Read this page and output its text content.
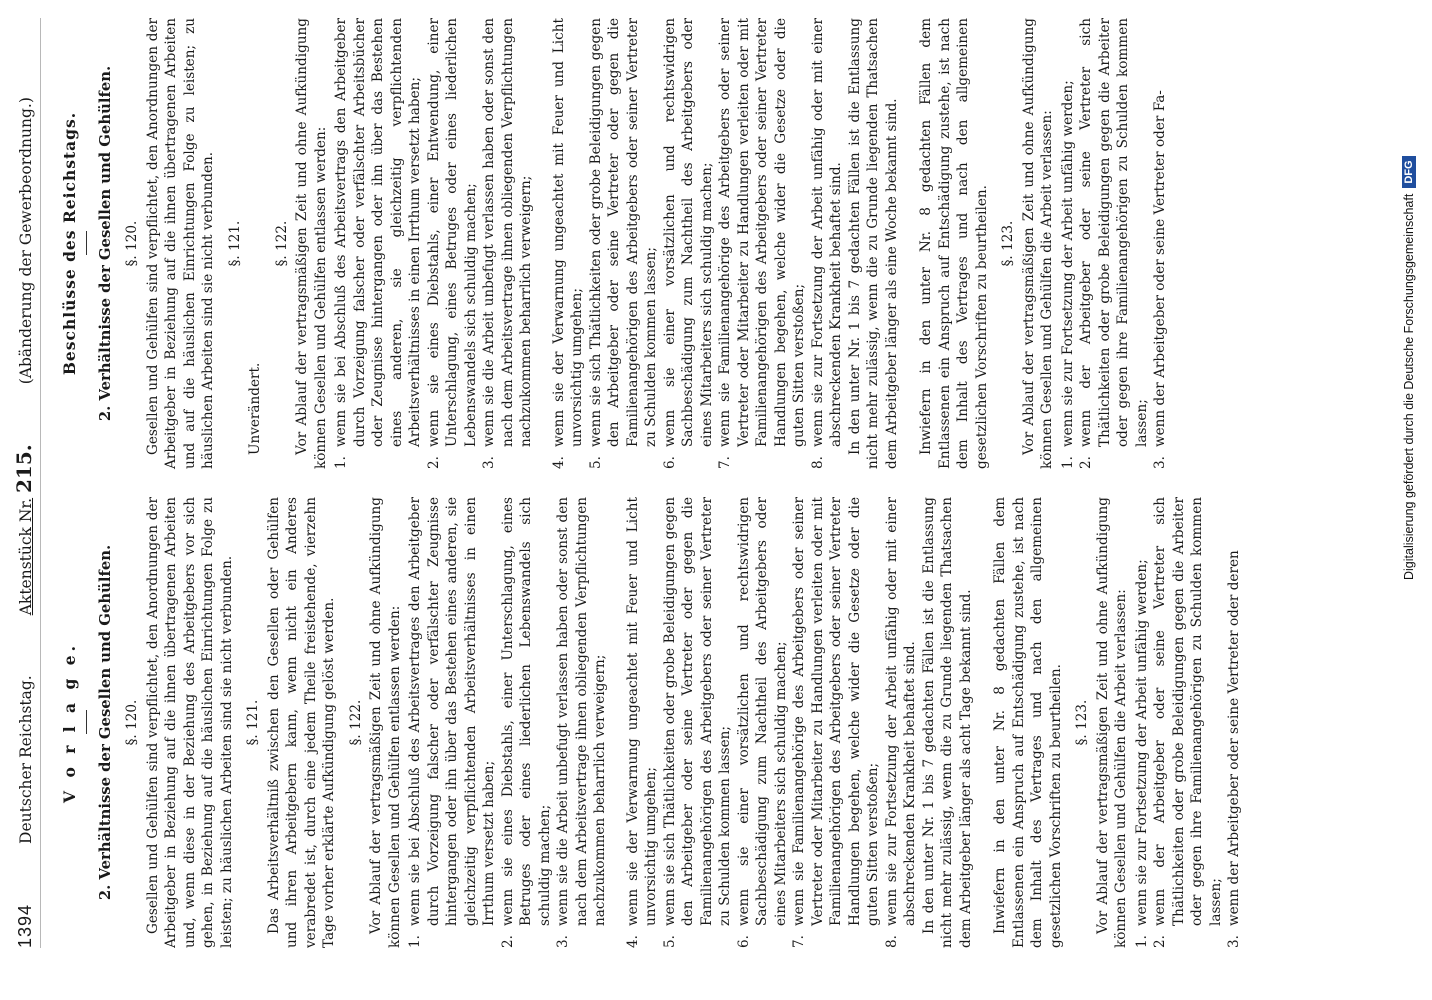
1394
Deutscher Reichstag.
Aktenstück Nr. 215.
(Abänderung der Gewerbeordnung.)
V o r l a g e. 2. Verhältnisse der Gesellen und Gehülfen. §. 120. Gesellen und Gehülfen sind verpflichtet, den Anordnungen der Arbeitgeber in Beziehung auf die ihnen übertragenen Arbeiten und, wenn diese in der Beziehung des Arbeitgebers vor sich gehen, in Beziehung auf die häuslichen Einrichtungen Folge zu leisten; zu häuslichen Arbeiten sind sie nicht verbunden. §. 121. Das Arbeitsverhältniß zwischen den Gesellen oder Gehülfen und ihren Arbeitgebern kann, wenn nicht ein Anderes verabredet ist, durch eine jedem Theile freistehende, vierzehn Tage vorher erklärte Aufkündigung gelöst werden. §. 122. Vor Ablauf der vertragsmäßigen Zeit und ohne Aufkündigung können Gesellen und Gehülfen entlassen werden: 1.
wenn sie bei Abschluß des Arbeitsvertrages den Arbeitgeber durch Vorzeigung falscher oder verfälschter Zeugnisse hintergangen oder ihn über das Bestehen eines anderen, sie gleichzeitig verpflichtenden Arbeitsverhältnisses in einen Irrthum versetzt haben;
2.
wenn sie eines Diebstahls, einer Unterschlagung, eines Betruges oder eines liederlichen Lebenswandels sich schuldig machen;
3.
wenn sie die Arbeit unbefugt verlassen haben oder sonst den nach dem Arbeitsvertrage ihnen obliegenden Verpflichtungen nachzukommen beharrlich verweigern;
4.
wenn sie der Verwarnung ungeachtet mit Feuer und Licht unvorsichtig umgehen;
5.
wenn sie sich Thätlichkeiten oder grobe Beleidigungen gegen den Arbeitgeber oder seine Vertreter oder gegen die Familienangehörigen des Arbeitgebers oder seiner Vertreter zu Schulden kommen lassen;
6.
wenn sie einer vorsätzlichen und rechtswidrigen Sachbeschädigung zum Nachtheil des Arbeitgebers oder eines Mitarbeiters sich schuldig machen;
7.
wenn sie Familienangehörige des Arbeitgebers oder seiner Vertreter oder Mitarbeiter zu Handlungen verleiten oder mit Familienangehörigen des Arbeitgebers oder seiner Vertreter Handlungen begehen, welche wider die Gesetze oder die guten Sitten verstoßen;
8.
wenn sie zur Fortsetzung der Arbeit unfähig oder mit einer abschreckenden Krankheit behaftet sind. In den unter Nr. 1 bis 7 gedachten Fällen ist die Entlassung nicht mehr zulässig, wenn die zu Grunde liegenden Thatsachen dem Arbeitgeber länger als acht Tage bekannt sind. Inwiefern in den unter Nr. 8 gedachten Fällen dem Entlassenen ein Anspruch auf Entschädigung zustehe, ist nach dem Inhalt des Vertrages und nach den allgemeinen gesetzlichen Vorschriften zu beurtheilen. §. 123. Vor Ablauf der vertragsmäßigen Zeit und ohne Aufkündigung können Gesellen und Gehülfen die Arbeit verlassen: 1.
wenn sie zur Fortsetzung der Arbeit unfähig werden;
2.
wenn der Arbeitgeber oder seine Vertreter sich Thätlichkeiten oder grobe Beleidigungen gegen die Arbeiter oder gegen ihre Familienangehörigen zu Schulden kommen lassen;
3.
wenn der Arbeitgeber oder seine Vertreter oder deren
Beschlüsse des Reichstags. 2. Verhältnisse der Gesellen und Gehülfen. §. 120. Gesellen und Gehülfen sind verpflichtet, den Anordnungen der Arbeitgeber in Beziehung auf die ihnen übertragenen Arbeiten und auf die häuslichen Einrichtungen Folge zu leisten; zu häuslichen Arbeiten sind sie nicht verbunden. §. 121.

Unverändert.

§. 122. Vor Ablauf der vertragsmäßigen Zeit und ohne Aufkündigung können Gesellen und Gehülfen entlassen werden: 1.
wenn sie bei Abschluß des Arbeitsvertrags den Arbeitgeber durch Vorzeigung falscher oder verfälschter Arbeitsbücher oder Zeugnisse hintergangen oder ihn über das Bestehen eines anderen, sie gleichzeitig verpflichtenden Arbeitsverhältnisses in einen Irrthum versetzt haben;
2.
wenn sie eines Diebstahls, einer Entwendung, einer Unterschlagung, eines Betruges oder eines liederlichen Lebenswandels sich schuldig machen;
3.
wenn sie die Arbeit unbefugt verlassen haben oder sonst den nach dem Arbeitsvertrage ihnen obliegenden Verpflichtungen nachzukommen beharrlich verweigern;
4.
wenn sie der Verwarnung ungeachtet mit Feuer und Licht unvorsichtig umgehen;
5.
wenn sie sich Thätlichkeiten oder grobe Beleidigungen gegen den Arbeitgeber oder seine Vertreter oder gegen die Familienangehörigen des Arbeitgebers oder seiner Vertreter zu Schulden kommen lassen;
6.
wenn sie einer vorsätzlichen und rechtswidrigen Sachbeschädigung zum Nachtheil des Arbeitgebers oder eines Mitarbeiters sich schuldig machen;
7.
wenn sie Familienangehörige des Arbeitgebers oder seiner Vertreter oder Mitarbeiter zu Handlungen verleiten oder mit Familienangehörigen des Arbeitgebers oder seiner Vertreter Handlungen begehen, welche wider die Gesetze oder die guten Sitten verstoßen;
8.
wenn sie zur Fortsetzung der Arbeit unfähig oder mit einer abschreckenden Krankheit behaftet sind. In den unter Nr. 1 bis 7 gedachten Fällen ist die Entlassung nicht mehr zulässig, wenn die zu Grunde liegenden Thatsachen dem Arbeitgeber länger als eine Woche bekannt sind. Inwiefern in den unter Nr. 8 gedachten Fällen dem Entlassenen ein Anspruch auf Entschädigung zustehe, ist nach dem Inhalt des Vertrages und nach den allgemeinen gesetzlichen Vorschriften zu beurtheilen. §. 123. Vor Ablauf der vertragsmäßigen Zeit und ohne Aufkündigung können Gesellen und Gehülfen die Arbeit verlassen: 1.
wenn sie zur Fortsetzung der Arbeit unfähig werden;
2.
wenn der Arbeitgeber oder seine Vertreter sich Thätlichkeiten oder grobe Beleidigungen gegen die Arbeiter oder gegen ihre Familienangehörigen zu Schulden kommen lassen;
3.
wenn der Arbeitgeber oder seine Vertreter oder Fa-	Digitalisierung gefördert durch die Deutsche Forschungsgemeinschaft
DFG
